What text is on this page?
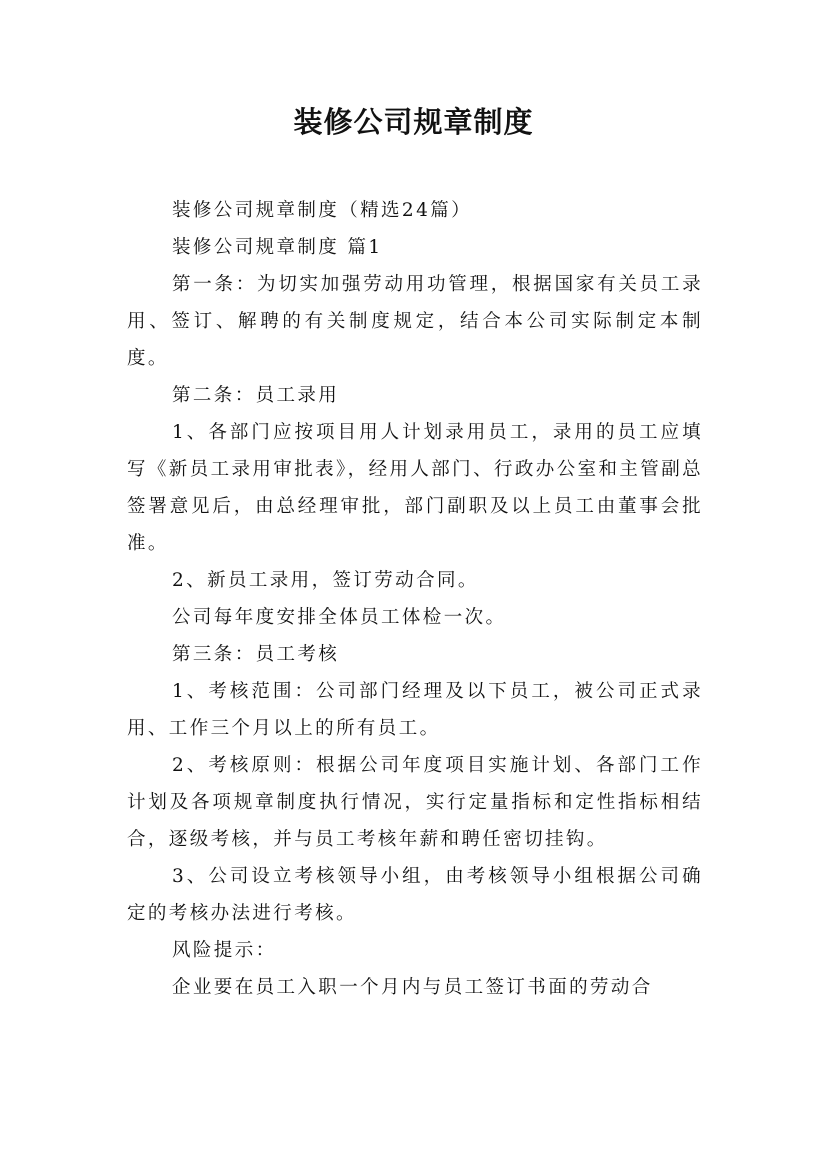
装修公司规章制度

装修公司规章制度（精选24篇）

装修公司规章制度 篇1

第一条：为切实加强劳动用功管理，根据国家有关员工录用、签订、解聘的有关制度规定，结合本公司实际制定本制度。

第二条：员工录用

1、各部门应按项目用人计划录用员工，录用的员工应填写《新员工录用审批表》，经用人部门、行政办公室和主管副总签署意见后，由总经理审批，部门副职及以上员工由董事会批准。

2、新员工录用，签订劳动合同。

公司每年度安排全体员工体检一次。

第三条：员工考核

1、考核范围：公司部门经理及以下员工，被公司正式录用、工作三个月以上的所有员工。

2、考核原则：根据公司年度项目实施计划、各部门工作计划及各项规章制度执行情况，实行定量指标和定性指标相结合，逐级考核，并与员工考核年薪和聘任密切挂钩。

3、公司设立考核领导小组，由考核领导小组根据公司确定的考核办法进行考核。

风险提示：

企业要在员工入职一个月内与员工签订书面的劳动合
